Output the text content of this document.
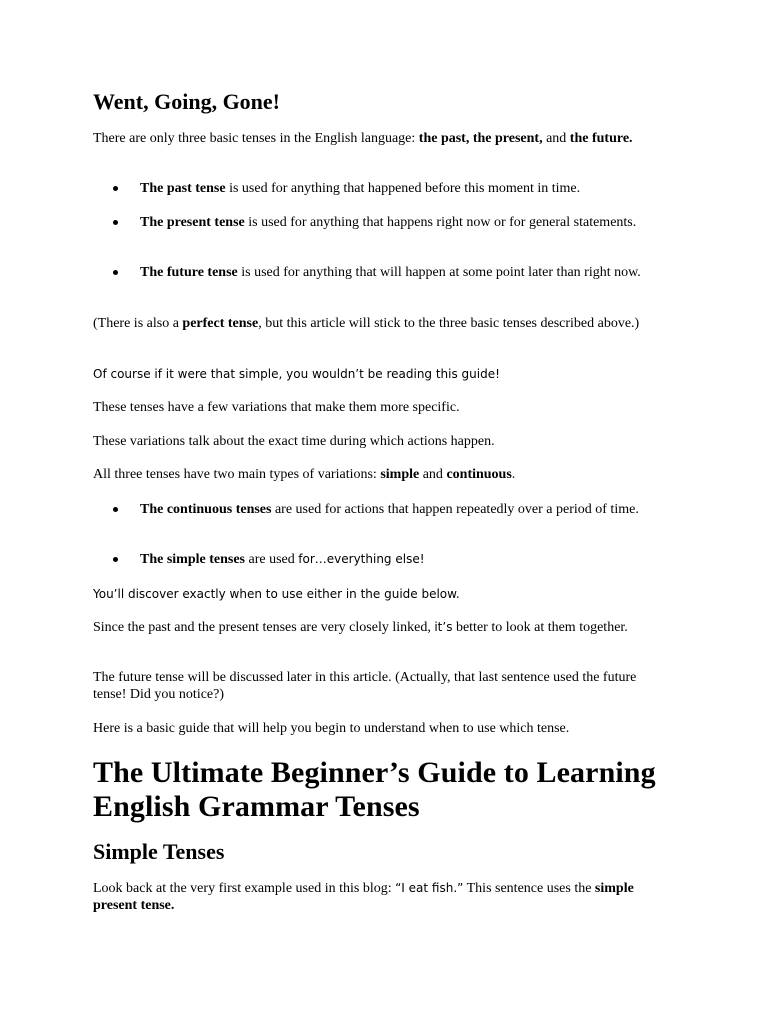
Went, Going, Gone!

There are only three basic tenses in the English language: the past, the present, and the future.

The past tense is used for anything that happened before this moment in time.

The present tense is used for anything that happens right now or for general statements.

The future tense is used for anything that will happen at some point later than right now.

(There is also a perfect tense, but this article will stick to the three basic tenses described above.)

Of course if it were that simple, you wouldn’t be reading this guide!

These tenses have a few variations that make them more specific.

These variations talk about the exact time during which actions happen.

All three tenses have two main types of variations: simple and continuous.

The continuous tenses are used for actions that happen repeatedly over a period of time.

The simple tenses are used for…everything else!

You’ll discover exactly when to use either in the guide below.

Since the past and the present tenses are very closely linked, it’s better to look at them together.

The future tense will be discussed later in this article. (Actually, that last sentence used the future tense! Did you notice?)

Here is a basic guide that will help you begin to understand when to use which tense.

The Ultimate Beginner’s Guide to Learning English Grammar Tenses
Simple Tenses

Look back at the very first example used in this blog: “I eat fish.” This sentence uses the simple present tense.
